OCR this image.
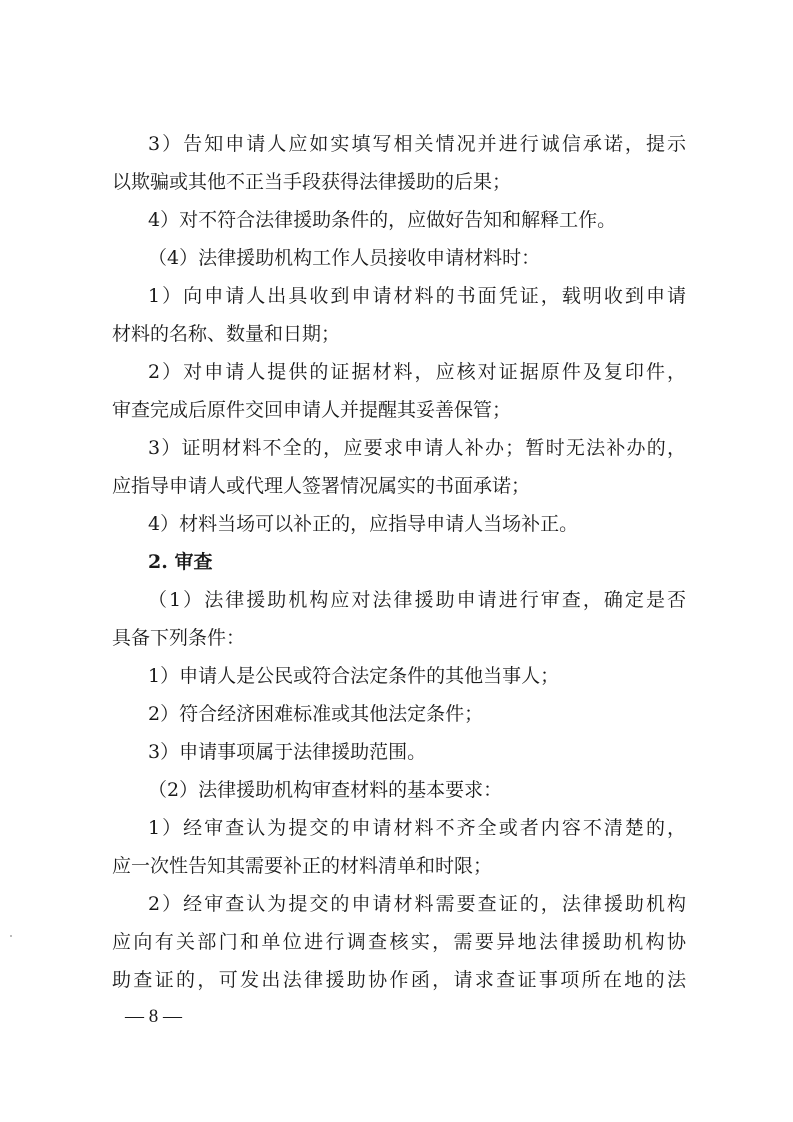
3）告知申请人应如实填写相关情况并进行诚信承诺，提示
以欺骗或其他不正当手段获得法律援助的后果；
4）对不符合法律援助条件的，应做好告知和解释工作。
（4）法律援助机构工作人员接收申请材料时：
1）向申请人出具收到申请材料的书面凭证，载明收到申请
材料的名称、数量和日期；
2）对申请人提供的证据材料，应核对证据原件及复印件，
审查完成后原件交回申请人并提醒其妥善保管；
3）证明材料不全的，应要求申请人补办；暂时无法补办的，
应指导申请人或代理人签署情况属实的书面承诺；
4）材料当场可以补正的，应指导申请人当场补正。
2. 审查
（1）法律援助机构应对法律援助申请进行审查，确定是否
具备下列条件：
1）申请人是公民或符合法定条件的其他当事人；
2）符合经济困难标准或其他法定条件；
3）申请事项属于法律援助范围。
（2）法律援助机构审查材料的基本要求：
1）经审查认为提交的申请材料不齐全或者内容不清楚的，
应一次性告知其需要补正的材料清单和时限；
2）经审查认为提交的申请材料需要查证的，法律援助机构
应向有关部门和单位进行调查核实，需要异地法律援助机构协
助查证的，可发出法律援助协作函，请求查证事项所在地的法
— 8 —
